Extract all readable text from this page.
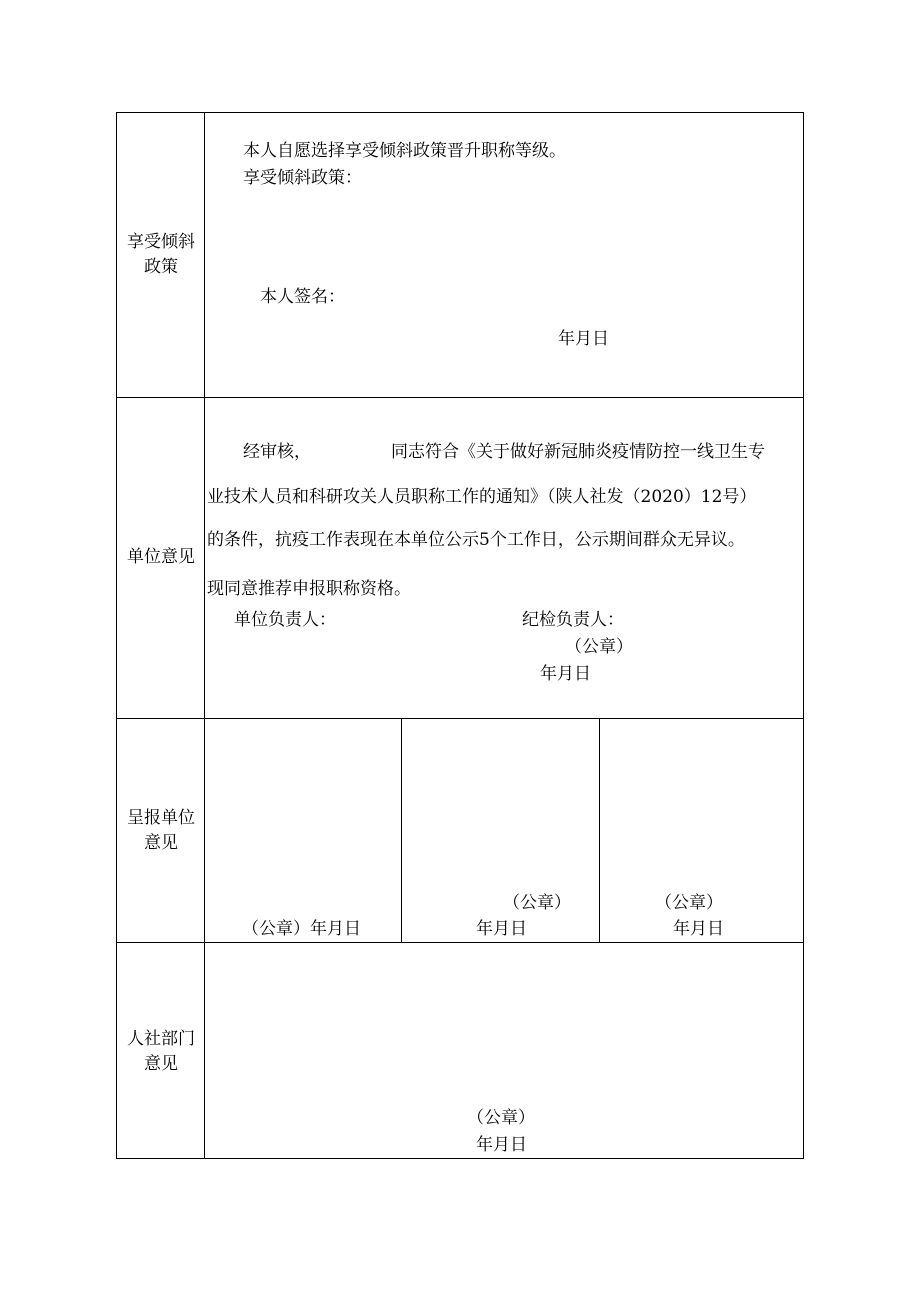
享受倾斜
政策
本人自愿选择享受倾斜政策晋升职称等级。
享受倾斜政策：
本人签名：
年月日
单位意见
经审核，	同志符合《关于做好新冠肺炎疫情防控一线卫生专
业技术人员和科研攻关人员职称工作的通知》（陕人社发（2020）12号）
的条件，抗疫工作表现在本单位公示5个工作日，公示期间群众无异议。
现同意推荐申报职称资格。
单位负责人：	纪检负责人：
（公章）
年月日
呈报单位
意见
（公章）年月日
（公章）
年月日
（公章）
年月日
人社部门
意见
（公章）
年月日
